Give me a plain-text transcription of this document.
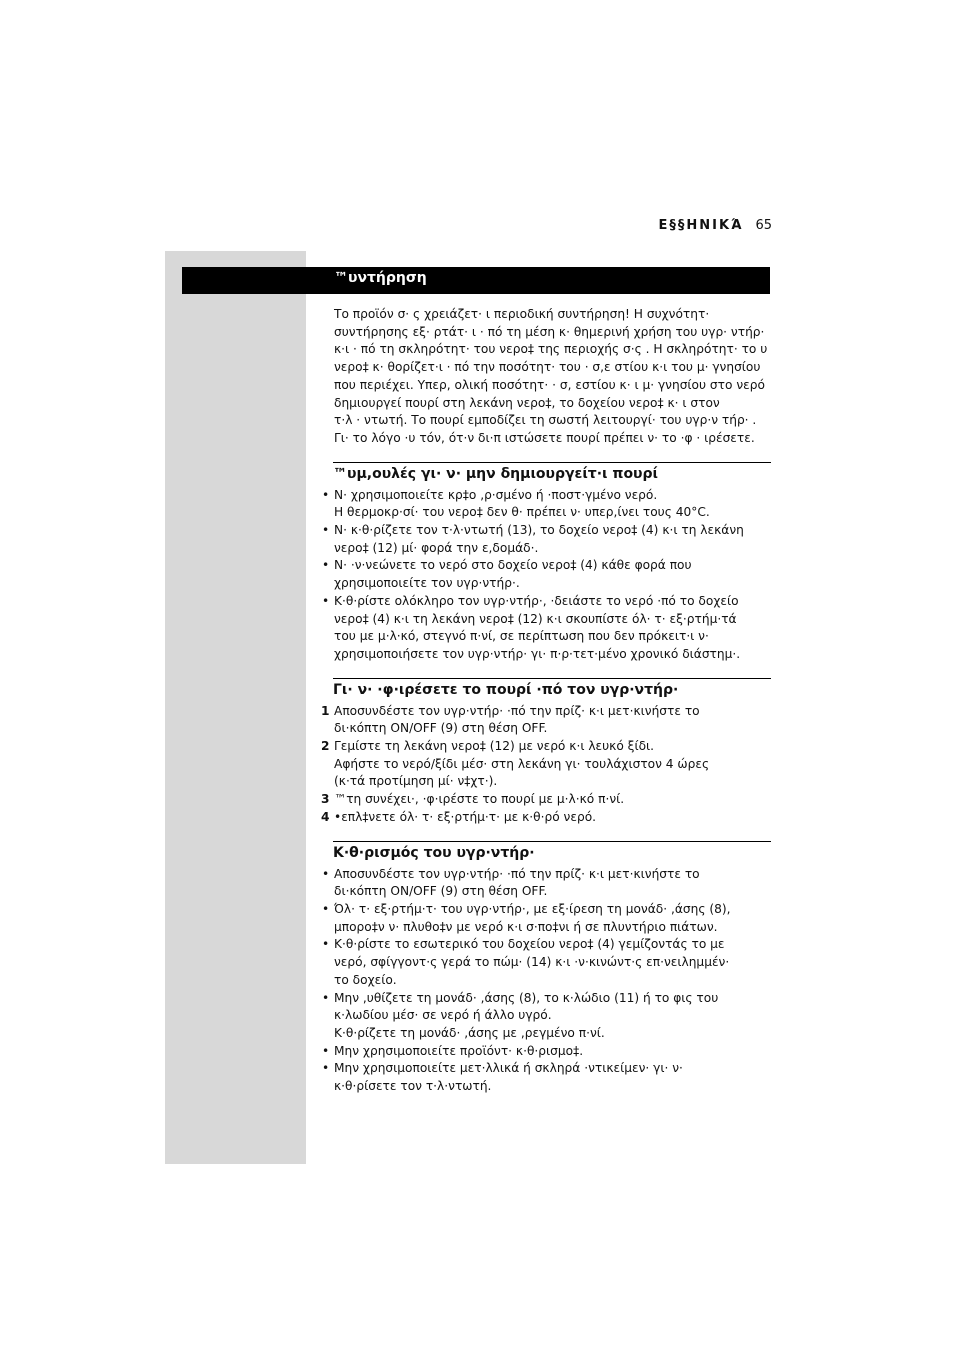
Ε§§ΗΝΙΚΆ 65
™υντήρηση

Το προϊόν σ· ς χρειάζετ· ι περιοδική συντήρηση! Η συχνότητ·

συντήρησης εξ· ρτάτ· ι · πό τη μέση κ· θημερινή χρήση του υγρ· ντήρ·

κ·ι · πό τη σκληρότητ· του νερο‡ της περιοχής σ·ς . Η σκληρότητ· το υ

νερο‡ κ· θορίζετ·ι · πό την ποσότητ· του · σ,ε στίου κ·ι του μ· γνησίου

που περιέχει. Υπερ, ολική ποσότητ· · σ, εστίου κ· ι μ· γνησίου στο νερό

δημιουργεί πουρί στη λεκάνη νερο‡, το δοχείου νερο‡ κ· ι στον

τ·λ · ντωτή. Το πουρί εμποδίζει τη σωστή λειτουργί· του υγρ·ν τήρ· .

Γι· το λόγο ·υ τόν, ότ·ν δι·π ιστώσετε πουρί πρέπει ν· το ·φ · ιρέσετε.

™υμ,ουλές γι· ν· μην δημιουργείτ·ι πουρί

• Ν· χρησιμοποιείτε κρ‡ο ,ρ·σμένο ή ·ποστ·γμένο νερό.

Η θερμοκρ·σί· του νερο‡ δεν θ· πρέπει ν· υπερ,ίνει τους 40°C.

• Ν· κ·θ·ρίζετε τον τ·λ·ντωτή (13), το δοχείο νερο‡ (4) κ·ι τη λεκάνη

νερο‡ (12) μί· φορά την ε,δομάδ·.

• Ν· ·ν·νεώνετε το νερό στο δοχείο νερο‡ (4) κάθε φορά που

χρησιμοποιείτε τον υγρ·ντήρ·.

• Κ·θ·ρίστε ολόκληρο τον υγρ·ντήρ·, ·δειάστε το νερό ·πό το δοχείο

νερο‡ (4) κ·ι τη λεκάνη νερο‡ (12) κ·ι σκουπίστε όλ· τ· εξ·ρτήμ·τά

του με μ·λ·κό, στεγνό π·νί, σε περίπτωση που δεν πρόκειτ·ι ν·

χρησιμοποιήσετε τον υγρ·ντήρ· γι· π·ρ·τετ·μένο χρονικό διάστημ·.

Γι· ν· ·φ·ιρέσετε το πουρί ·πό τον υγρ·ντήρ·

1 Αποσυνδέστε τον υγρ·ντήρ· ·πό την πρίζ· κ·ι μετ·κινήστε το

δι·κόπτη ON/OFF (9) στη θέση OFF.

2 Γεμίστε τη λεκάνη νερο‡ (12) με νερό κ·ι λευκό ξίδι.

Αφήστε το νερό/ξίδι μέσ· στη λεκάνη γι· τουλάχιστον 4 ώρες

(κ·τά προτίμηση μί· ν‡χτ·).

3 ™τη συνέχει·, ·φ·ιρέστε το πουρί με μ·λ·κό π·νί.

4 •επλ‡νετε όλ· τ· εξ·ρτήμ·τ· με κ·θ·ρό νερό.

Κ·θ·ρισμός του υγρ·ντήρ·

• Αποσυνδέστε τον υγρ·ντήρ· ·πό την πρίζ· κ·ι μετ·κινήστε το

δι·κόπτη ON/OFF (9) στη θέση OFF.

• Όλ· τ· εξ·ρτήμ·τ· του υγρ·ντήρ·, με εξ·ίρεση τη μονάδ· ,άσης (8),

μπορο‡ν ν· πλυθο‡ν με νερό κ·ι σ·πο‡νι ή σε πλυντήριο πιάτων.

• Κ·θ·ρίστε το εσωτερικό του δοχείου νερο‡ (4) γεμίζοντάς το με

νερό, σφίγγοντ·ς γερά το πώμ· (14) κ·ι ·ν·κινώντ·ς επ·νειλημμέν·

το δοχείο.

• Μην ,υθίζετε τη μονάδ· ,άσης (8), το κ·λώδιο (11) ή το φις του

κ·λωδίου μέσ· σε νερό ή άλλο υγρό.

Κ·θ·ρίζετε τη μονάδ· ,άσης με ,ρεγμένο π·νί.

• Μην χρησιμοποιείτε προϊόντ· κ·θ·ρισμο‡.

• Μην χρησιμοποιείτε μετ·λλικά ή σκληρά ·ντικείμεν· γι· ν·

κ·θ·ρίσετε τον τ·λ·ντωτή.
